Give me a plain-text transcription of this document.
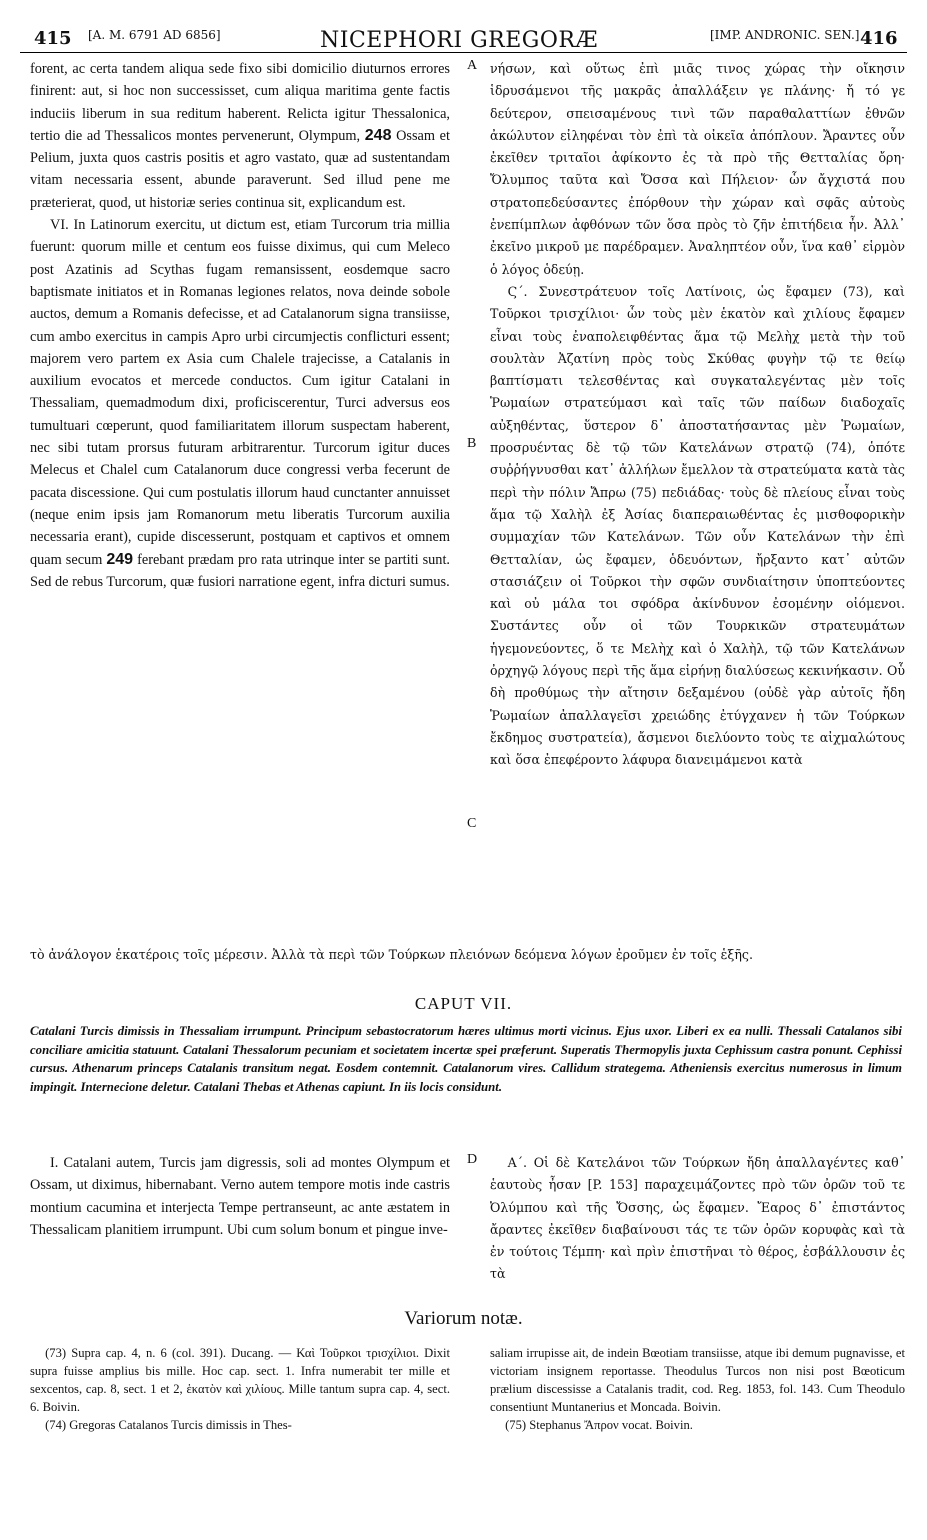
415 [A. M. 6791 AD 6856]	NICEPHORI GREGORÆ	[IMP. ANDRONIC. SEN.] 416

forent, ac certa tandem aliqua sede fixo sibi domicilio diuturnos errores finirent: aut, si hoc non successisset, cum aliqua maritima gente factis induciis liberum in sua reditum haberent. Relicta igitur Thessalonica, tertio die ad Thessalicos montes pervenerunt, Olympum, 248 Ossam et Pelium, juxta quos castris positis et agro vastato, quæ ad sustentandam vitam necessaria essent, abunde paraverunt. Sed illud pene me præterierat, quod, ut historiæ series continua sit, explicandum est.

VI. In Latinorum exercitu, ut dictum est, etiam Turcorum tria millia fuerunt: quorum mille et centum eos fuisse diximus, qui cum Meleco post Azatinis ad Scythas fugam remansissent, eosdemque sacro baptismate initiatos et in Romanas legiones relatos, nova deinde sobole auctos, demum a Romanis defecisse, et ad Catalanorum signa transiisse, cum ambo exercitus in campis Apro urbi circumjectis conflicturi essent; majorem vero partem ex Asia cum Chalele trajecisse, a Catalanis in auxilium evocatos et mercede conductos. Cum igitur Catalani in Thessaliam, quemadmodum dixi, proficiscerentur, Turci adversus eos tumultuari cœperunt, quod familiaritatem illorum suspectam haberent, nec sibi tutam prorsus futuram arbitrarentur. Turcorum igitur duces Melecus et Chalel cum Catalanorum duce congressi verba fecerunt de pacata discessione. Qui cum postulatis illorum haud cunctanter annuisset (neque enim ipsis jam Romanorum metu liberatis Turcorum auxilia necessaria erant), cupide discesserunt, postquam et captivos et omnem quam secum 249 ferebant prædam pro rata utrinque inter se partiti sunt. Sed de rebus Turcorum, quæ fusiori narratione egent, infra dicturi sumus.

A
B
C

νήσων, καὶ οὕτως ἐπὶ μιᾶς τινος χώρας τὴν οἴκησιν ἱδρυσάμενοι τῆς μακρᾶς ἀπαλλάξειν γε πλάνης· ἤ τό γε δεύτερον, σπεισαμένους τινὶ τῶν παραθαλαττίων ἐθνῶν ἀκώλυτον εἰληφέναι τὸν ἐπὶ τὰ οἰκεῖα ἀπόπλουν. Ἄραντες οὖν ἐκεῖθεν τριταῖοι ἀφίκοντο ἐς τὰ πρὸ τῆς Θετταλίας ὄρη· Ὄλυμπος ταῦτα καὶ Ὄσσα καὶ Πήλειον· ὧν ἄγχιστά που στρατοπεδεύσαντες ἐπόρθουν τὴν χώραν καὶ σφᾶς αὐτοὺς ἐνεπίμπλων ἀφθόνων τῶν ὅσα πρὸς τὸ ζῆν ἐπιτήδεια ἦν. Ἀλλ᾽ ἐκεῖνο μικροῦ με παρέδραμεν. Ἀναληπτέον οὖν, ἵνα καθ᾽ εἱρμὸν ὁ λόγος ὁδεύῃ.

Ϛ΄. Συνεστράτευον τοῖς Λατίνοις, ὡς ἔφαμεν (73), καὶ Τοῦρκοι τρισχίλιοι· ὧν τοὺς μὲν ἑκατὸν καὶ χιλίους ἔφαμεν εἶναι τοὺς ἐναπολειφθέντας ἅμα τῷ Μελὴχ μετὰ τὴν τοῦ σουλτὰν Ἀζατίνη πρὸς τοὺς Σκύθας φυγὴν τῷ τε θείῳ βαπτίσματι τελεσθέντας καὶ συγκαταλεγέντας μὲν τοῖς Ῥωμαίων στρατεύμασι καὶ ταῖς τῶν παίδων διαδοχαῖς αὐξηθέντας, ὕστερον δ᾽ ἀποστατήσαντας μὲν Ῥωμαίων, προσρυέντας δὲ τῷ τῶν Κατελάνων στρατῷ (74), ὁπότε συῤῥήγνυσθαι κατ᾽ ἀλλήλων ἔμελλον τὰ στρατεύματα κατὰ τὰς περὶ τὴν πόλιν Ἄπρω (75) πεδιάδας· τοὺς δὲ πλείους εἶναι τοὺς ἅμα τῷ Χαλὴλ ἐξ Ἀσίας διαπεραιωθέντας ἐς μισθοφορικὴν συμμαχίαν τῶν Κατελάνων. Τῶν οὖν Κατελάνων τὴν ἐπὶ Θετταλίαν, ὡς ἔφαμεν, ὁδευόντων, ἤρξαντο κατ᾽ αὐτῶν στασιάζειν οἱ Τοῦρκοι τὴν σφῶν συνδιαίτησιν ὑποπτεύοντες καὶ οὐ μάλα τοι σφόδρα ἀκίνδυνον ἐσομένην οἰόμενοι. Συστάντες οὖν οἱ τῶν Τουρκικῶν στρατευμάτων ἡγεμονεύοντες, ὅ τε Μελὴχ καὶ ὁ Χαλὴλ, τῷ τῶν Κατελάνων ὀρχηγῷ λόγους περὶ τῆς ἅμα εἰρήνῃ διαλύσεως κεκινήκασιν. Οὗ δὴ προθύμως τὴν αἴτησιν δεξαμένου (οὐδὲ γὰρ αὐτοῖς ἤδη Ῥωμαίων ἀπαλλαγεῖσι χρειώδης ἐτύγχανεν ἡ τῶν Τούρκων ἔκδημος συστρατεία), ἄσμενοι διελύοντο τοὺς τε αἰχμαλώτους καὶ ὅσα ἐπεφέροντο λάφυρα διανειμάμενοι κατὰ

τὸ ἀνάλογον ἑκατέροις τοῖς μέρεσιν. Ἀλλὰ τὰ περὶ τῶν Τούρκων πλειόνων δεόμενα λόγων ἐροῦμεν ἐν τοῖς ἑξῆς.
CAPUT VII.
Catalani Turcis dimissis in Thessaliam irrumpunt. Principum sebastocratorum hæres ultimus morti vicinus. Ejus uxor. Liberi ex ea nulli. Thessali Catalanos sibi conciliare amicitia statuunt. Catalani Thessalorum pecuniam et societatem incertæ spei præferunt. Superatis Thermopylis juxta Cephissum castra ponunt. Cephissi cursus. Athenarum princeps Catalanis transitum negat. Eosdem contemnit. Catalanorum vires. Callidum strategema. Atheniensis exercitus numerosus in limum impingit. Internecione deletur. Catalani Thebas et Athenas capiunt. In iis locis considunt.

I. Catalani autem, Turcis jam digressis, soli ad montes Olympum et Ossam, ut diximus, hibernabant. Verno autem tempore motis inde castris montium cacumina et interjecta Tempe pertranseunt, ac ante æstatem in Thessalicam planitiem irrumpunt. Ubi cum solum bonum et pingue inve-

D	Α΄. Οἱ δὲ Κατελάνοι τῶν Τούρκων ἤδη ἀπαλλαγέντες καθ᾽ ἑαυτοὺς ἦσαν [P. 153] παραχειμάζοντες πρὸ τῶν ὀρῶν τοῦ τε Ὀλύμπου καὶ τῆς Ὄσσης, ὡς ἔφαμεν. Ἔαρος δ᾽ ἐπιστάντος ἄραντες ἐκεῖθεν διαβαίνουσι τάς τε τῶν ὀρῶν κορυφὰς καὶ τὰ ἐν τούτοις Τέμπη· καὶ πρὶν ἐπιστῆναι τὸ θέρος, ἐσβάλλουσιν ἐς τὰ

Variorum notæ.

(73) Supra cap. 4, n. 6 (col. 391). Ducang. — Καὶ Τοῦρκοι τρισχίλιοι. Dixit supra fuisse amplius bis mille. Hoc cap. sect. 1. Infra numerabit ter mille et sexcentos, cap. 8, sect. 1 et 2, ἑκατὸν καὶ χιλίους. Mille tantum supra cap. 4, sect. 6. Boivin.

(74) Gregoras Catalanos Turcis dimissis in Thes-

saliam irrupisse ait, de indein Bœotiam transiisse, atque ibi demum pugnavisse, et victoriam insignem reportasse. Theodulus Turcos non nisi post Bœoticum prælium discessisse a Catalanis tradit, cod. Reg. 1853, fol. 143. Cum Theodulo consentiunt Muntanerius et Moncada. Boivin.

(75) Stephanus Ἄπρον vocat. Boivin.
